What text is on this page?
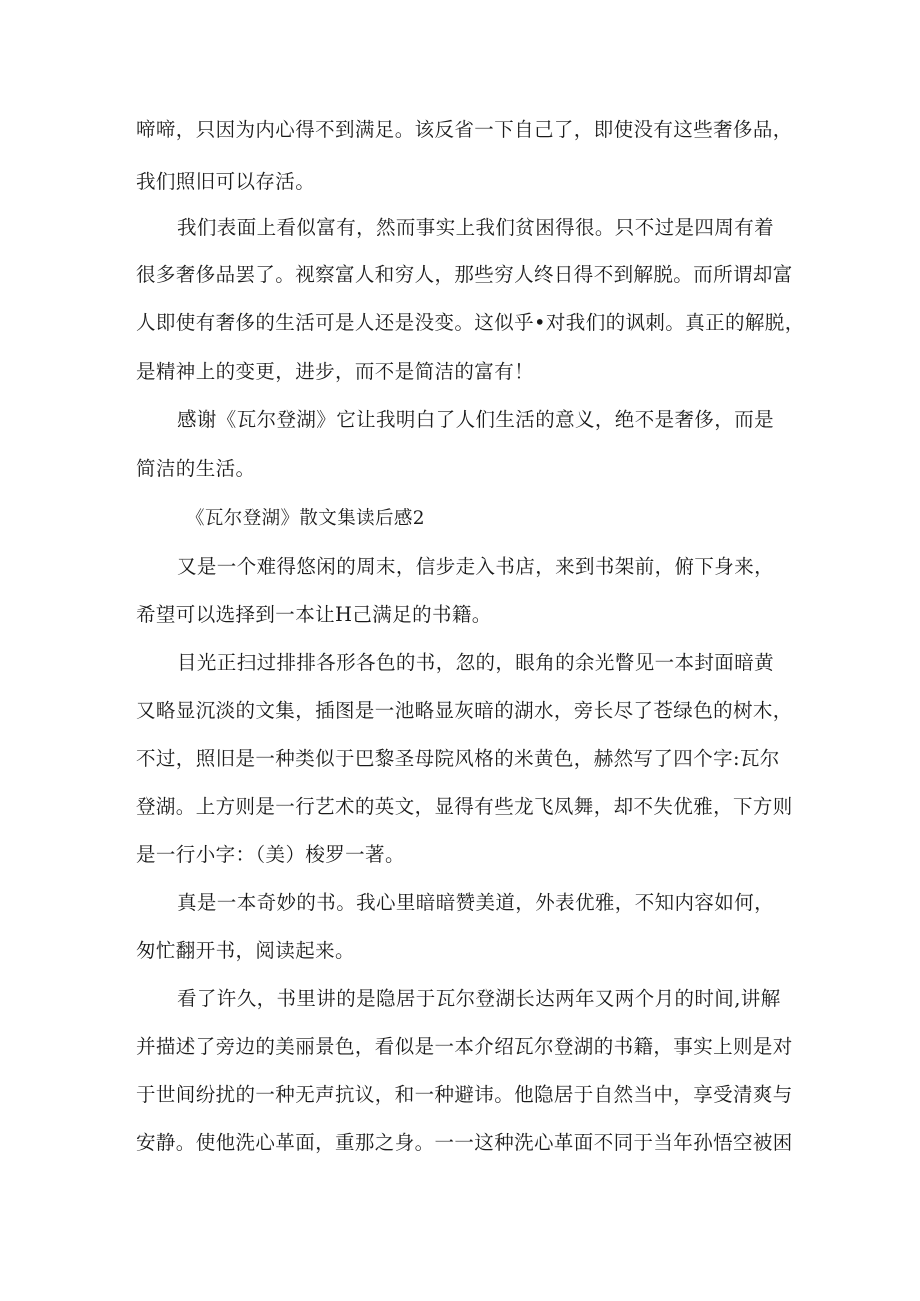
啼啼，只因为内心得不到满足。该反省一下自己了，即使没有这些奢侈品，
我们照旧可以存活。
我们表面上看似富有，然而事实上我们贫困得很。只不过是四周有着
很多奢侈品罢了。视察富人和穷人，那些穷人终日得不到解脱。而所谓却富
人即使有奢侈的生活可是人还是没变。这似乎•对我们的讽刺。真正的解脱，
是精神上的变更，进步，而不是简洁的富有！
感谢《瓦尔登湖》它让我明白了人们生活的意义，绝不是奢侈，而是
简洁的生活。
《瓦尔登湖》散文集读后感2
又是一个难得悠闲的周末，信步走入书店，来到书架前，俯下身来，
希望可以选择到一本让H己满足的书籍。
目光正扫过排排各形各色的书，忽的，眼角的余光瞥见一本封面暗黄
又略显沉淡的文集，插图是一池略显灰暗的湖水，旁长尽了苍绿色的树木，
不过，照旧是一种类似于巴黎圣母院风格的米黄色，赫然写了四个字:瓦尔
登湖。上方则是一行艺术的英文，显得有些龙飞凤舞，却不失优雅，下方则
是一行小字：（美）梭罗一著。
真是一本奇妙的书。我心里暗暗赞美道，外表优雅，不知内容如何，
匆忙翻开书，阅读起来。
看了许久，书里讲的是隐居于瓦尔登湖长达两年又两个月的时间,讲解
并描述了旁边的美丽景色，看似是一本介绍瓦尔登湖的书籍，事实上则是对
于世间纷扰的一种无声抗议，和一种避讳。他隐居于自然当中，享受清爽与
安静。使他洗心革面，重那之身。一一这种洗心革面不同于当年孙悟空被困
